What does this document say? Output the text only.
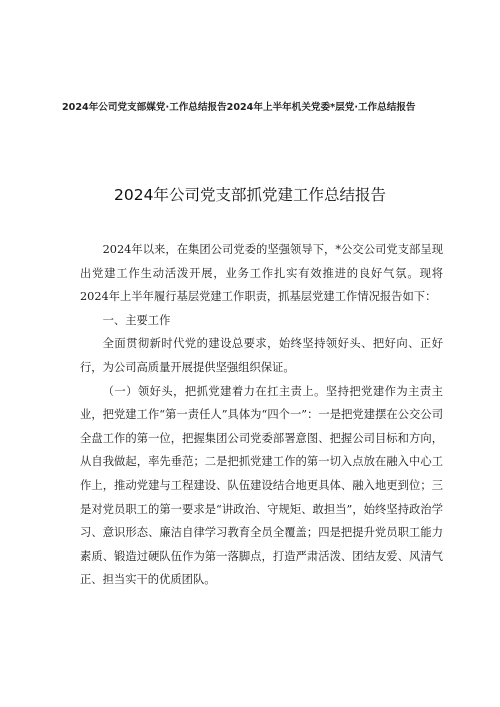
2024年公司党支部媒党·工作总结报告2024年上半年机关党委*层党·工作总结报告
2024年公司党支部抓党建工作总结报告

2024年以来，在集团公司党委的坚强领导下，*公交公司党支部呈现出党建工作生动活泼开展，业务工作扎实有效推进的良好气氛。现将2024年上半年履行基层党建工作职责，抓基层党建工作情况报告如下：

一、主要工作

全面贯彻新时代党的建设总要求，始终坚持领好头、把好向、正好行，为公司高质量开展提供坚强组织保证。

（一）领好头，把抓党建着力在扛主责上。坚持把党建作为主责主业，把党建工作“第一责任人”具体为“四个一”：一是把党建摆在公交公司全盘工作的第一位，把握集团公司党委部署意图、把握公司目标和方向，从自我做起，率先垂范；二是把抓党建工作的第一切入点放在融入中心工作上，推动党建与工程建设、队伍建设结合地更具体、融入地更到位；三是对党员职工的第一要求是“讲政治、守规矩、敢担当”，始终坚持政治学习、意识形态、廉洁自律学习教育全员全覆盖；四是把提升党员职工能力素质、锻造过硬队伍作为第一落脚点，打造严肃活泼、团结友爱、风清气正、担当实干的优质团队。
